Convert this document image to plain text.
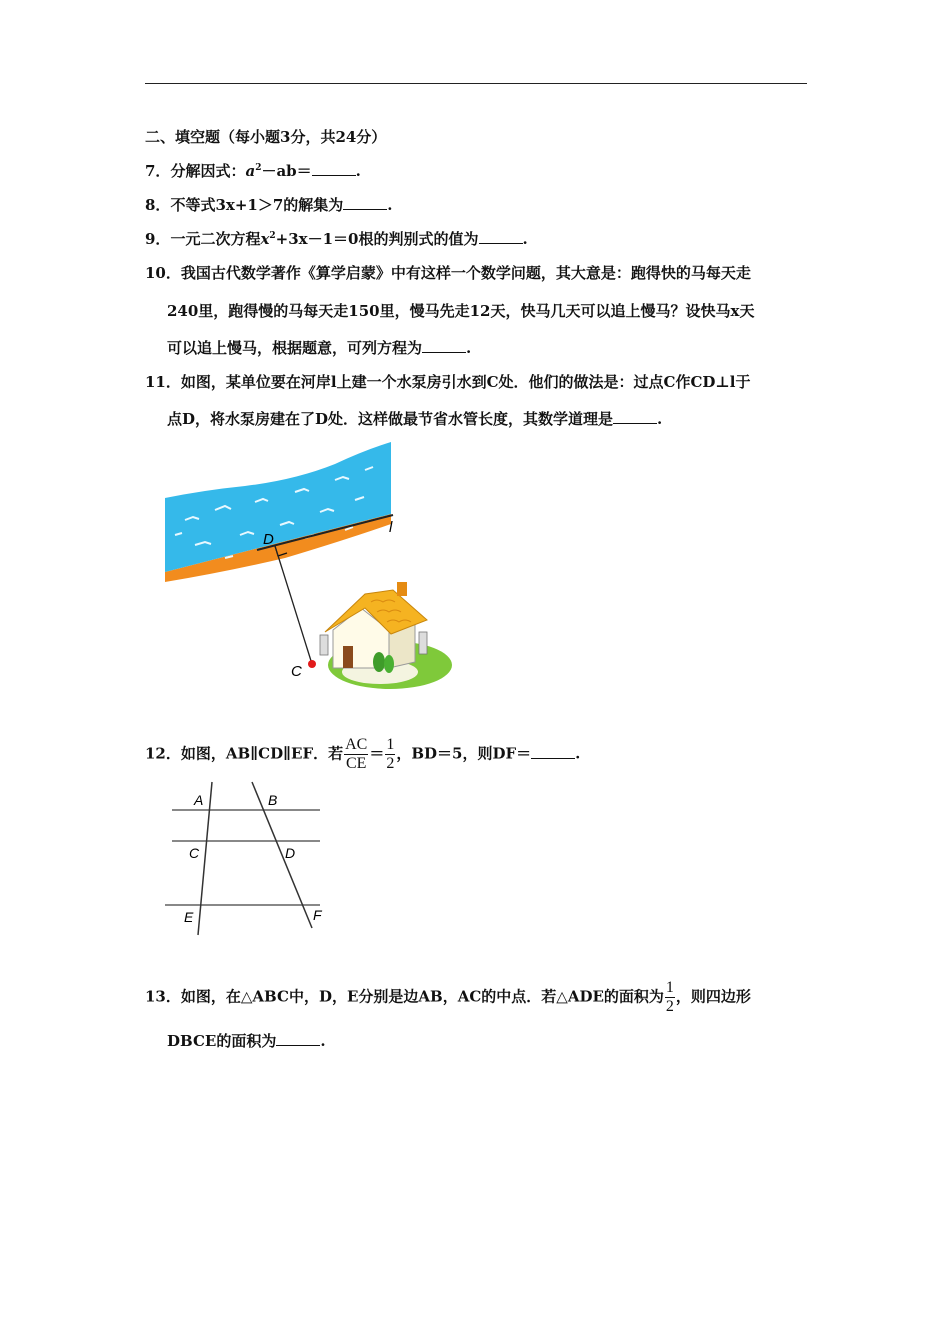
二、填空题（每小题3分，共24分）
7．分解因式：$a^2-ab=$	.
8．不等式3x+1＞7的解集为	.
9．一元二次方程$x^2+3x-1=0$根的判别式的值为	.
10．我国古代数学著作《算学启蒙》中有这样一个数学问题，其大意是：跑得快的马每天走
240里，跑得慢的马每天走150里，慢马先走12天，快马几天可以追上慢马？设快马x天
可以追上慢马，根据题意，可列方程为	.
11．如图，某单位要在河岸l上建一个水泵房引水到C处．他们的做法是：过点C作CD⊥l于
点D，将水泵房建在了D处．这样做最节省水管长度，其数学道理是	.
D
l
C
12．如图，AB∥CD∥EF．若 $\frac{AC}{CE} = \frac{1}{2}$ ，BD＝5，则DF＝	.
A	B
C	D
E	F
13．如图，在△ABC中，D，E分别是边AB，AC的中点．若△ADE的面积为 $\frac{1}{2}$ ，则四边形
DBCE的面积为	.
